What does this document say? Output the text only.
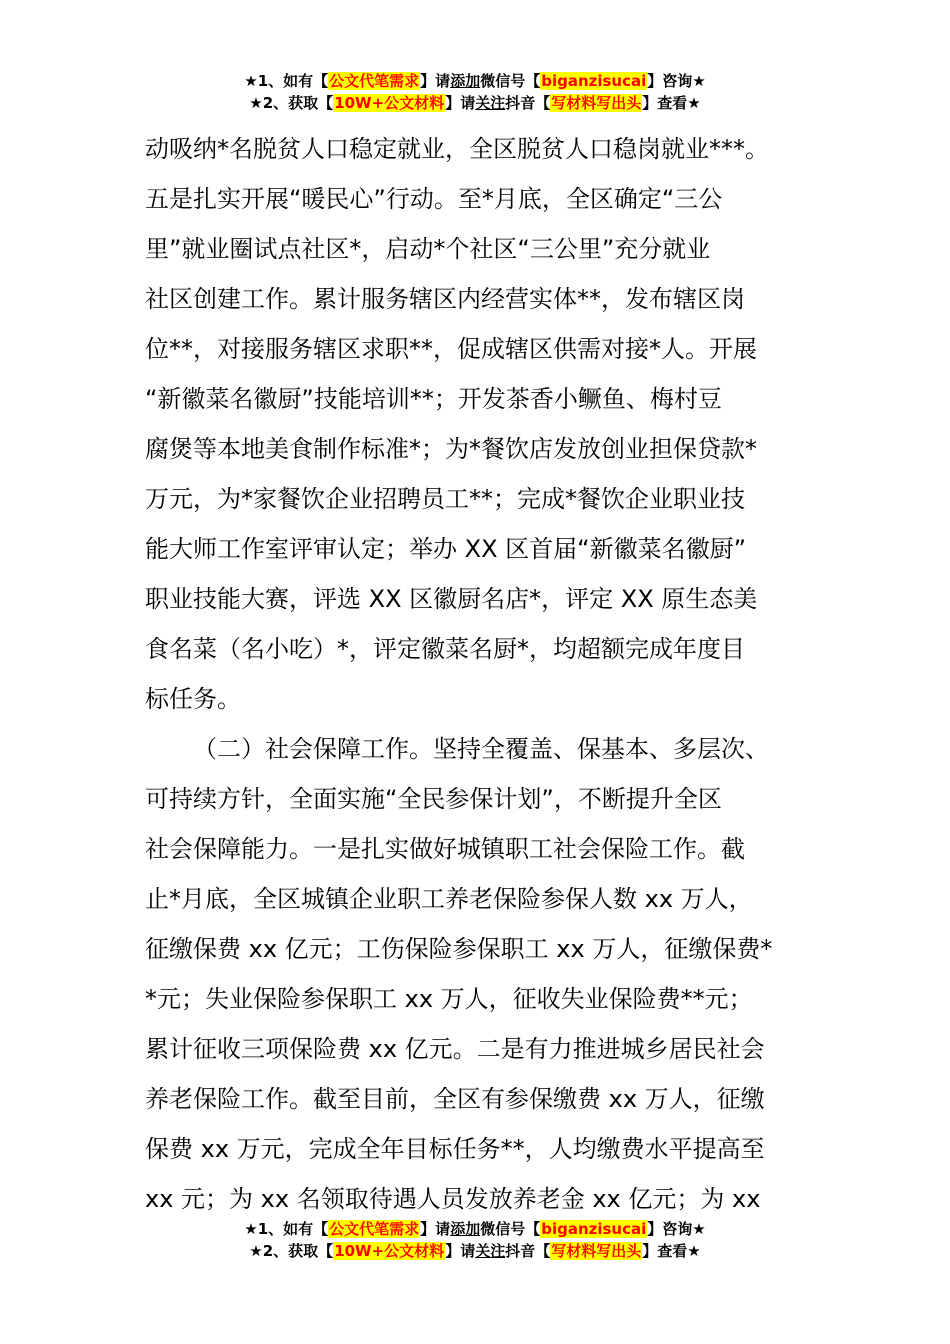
★1、如有【公文代笔需求】请添加微信号【biganzisucai】咨询★
★2、获取【10W+公文材料】请关注抖音【写材料写出头】查看★
动吸纳*名脱贫人口稳定就业，全区脱贫人口稳岗就业***。
五是扎实开展“暖民心”行动。至*月底，全区确定“三公
里”就业圈试点社区*，启动*个社区“三公里”充分就业
社区创建工作。累计服务辖区内经营实体**，发布辖区岗
位**，对接服务辖区求职**，促成辖区供需对接*人。开展
“新徽菜名徽厨”技能培训**；开发茶香小鳜鱼、梅村豆
腐煲等本地美食制作标准*；为*餐饮店发放创业担保贷款*
万元，为*家餐饮企业招聘员工**；完成*餐饮企业职业技
能大师工作室评审认定；举办 XX 区首届“新徽菜名徽厨”
职业技能大赛，评选 XX 区徽厨名店*，评定 XX 原生态美
食名菜（名小吃）*，评定徽菜名厨*，均超额完成年度目
标任务。
（二）社会保障工作。坚持全覆盖、保基本、多层次、
可持续方针，全面实施“全民参保计划”，不断提升全区
社会保障能力。一是扎实做好城镇职工社会保险工作。截
止*月底，全区城镇企业职工养老保险参保人数 xx 万人，
征缴保费 xx 亿元；工伤保险参保职工 xx 万人，征缴保费*
*元；失业保险参保职工 xx 万人，征收失业保险费**元；
累计征收三项保险费 xx 亿元。二是有力推进城乡居民社会
养老保险工作。截至目前，全区有参保缴费 xx 万人，征缴
保费 xx 万元，完成全年目标任务**，人均缴费水平提高至
xx 元；为 xx 名领取待遇人员发放养老金 xx 亿元；为 xx
★1、如有【公文代笔需求】请添加微信号【biganzisucai】咨询★
★2、获取【10W+公文材料】请关注抖音【写材料写出头】查看★
